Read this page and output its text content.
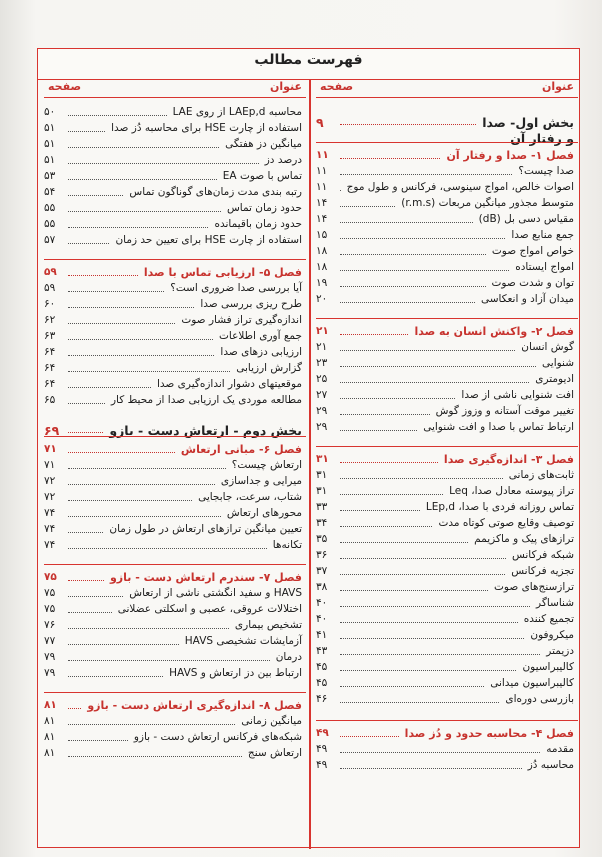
فهرست مطالب
عنوان
صفحه
عنوان
صفحه
بخش اول- صدا
۹
و رفتار آن
فصل ۱- صدا و رفتار آن
۱۱
صدا چیست؟
۱۱
اصوات خالص، امواج سینوسی، فرکانس و طول موج
۱۱
متوسط مجذور میانگین مربعات (r.m.s)
۱۴
مقیاس دسی بل (dB)
۱۴
جمع منابع صدا
۱۵
خواص امواج صوت
۱۸
امواج ایستاده
۱۸
توان و شدت صوت
۱۹
میدان آزاد و انعکاسی
۲۰
فصل ۲- واکنش انسان به صدا
۲۱
گوش انسان
۲۱
شنوایی
۲۳
ادیومتری
۲۵
افت شنوایی ناشی از صدا
۲۷
تغییر موقت آستانه و وزوز گوش
۲۹
ارتباط تماس با صدا و افت شنوایی
۲۹
فصل ۳- اندازه‌گیری صدا
۳۱
ثابت‌های زمانی
۳۱
تراز پیوسته معادل صدا، Leq
۳۱
تماس روزانه فردی با صدا، LEp,d
۳۳
توصیف وقایع صوتی کوتاه مدت
۳۴
ترازهای پیک و ماکزیمم
۳۵
شبکه فرکانس
۳۶
تجزیه فرکانس
۳۷
ترازسنج‌های صوت
۳۸
شناساگر
۴۰
تجمیع کننده
۴۰
میکروفون
۴۱
دزیمتر
۴۳
کالیبراسیون
۴۵
کالیبراسیون میدانی
۴۵
بازرسی دوره‌ای
۴۶
فصل ۴- محاسبه حدود و دُز صدا
۴۹
مقدمه
۴۹
محاسبه دُز
۴۹
محاسبه LAEp,d از روی LAE
۵۰
استفاده از چارت HSE برای محاسبه دُز صدا
۵۱
میانگین دز هفتگی
۵۱
درصد دز
۵۱
تماس با صوت EA
۵۳
رتبه بندی مدت زمان‌های گوناگون تماس
۵۴
حدود زمان تماس
۵۵
حدود زمان باقیمانده
۵۵
استفاده از چارت HSE برای تعیین حد زمان
۵۷
فصل ۵- ارزیابی تماس با صدا
۵۹
آیا بررسی صدا ضروری است؟
۵۹
طرح ریزی بررسی صدا
۶۰
اندازه‌گیری تراز فشار صوت
۶۲
جمع آوری اطلاعات
۶۳
ارزیابی دزهای صدا
۶۴
گزارش ارزیابی
۶۴
موقعیتهای دشوار اندازه‌گیری صدا
۶۴
مطالعه موردی یک ارزیابی صدا از محیط کار
۶۵
بخش دوم - ارتعاش دست - بازو
۶۹
فصل ۶- مبانی ارتعاش
۷۱
ارتعاش چیست؟
۷۱
میرایی و جداسازی
۷۲
شتاب، سرعت، جابجایی
۷۲
محورهای ارتعاش
۷۴
تعیین میانگین ترازهای ارتعاش در طول زمان
۷۴
تکانه‌ها
۷۴
فصل ۷- سندرم ارتعاش دست - بازو
۷۵
HAVS و سفید انگشتی ناشی از ارتعاش
۷۵
اختلالات عروقی، عصبی و اسکلتی عضلانی
۷۵
تشخیص بیماری
۷۶
آزمایشات تشخیصی HAVS
۷۷
درمان
۷۹
ارتباط بین دز ارتعاش و HAVS
۷۹
فصل ۸- اندازه‌گیری ارتعاش دست - بازو
۸۱
میانگین زمانی
۸۱
شبکه‌های فرکانس ارتعاش دست - بازو
۸۱
ارتعاش سنج
۸۱
